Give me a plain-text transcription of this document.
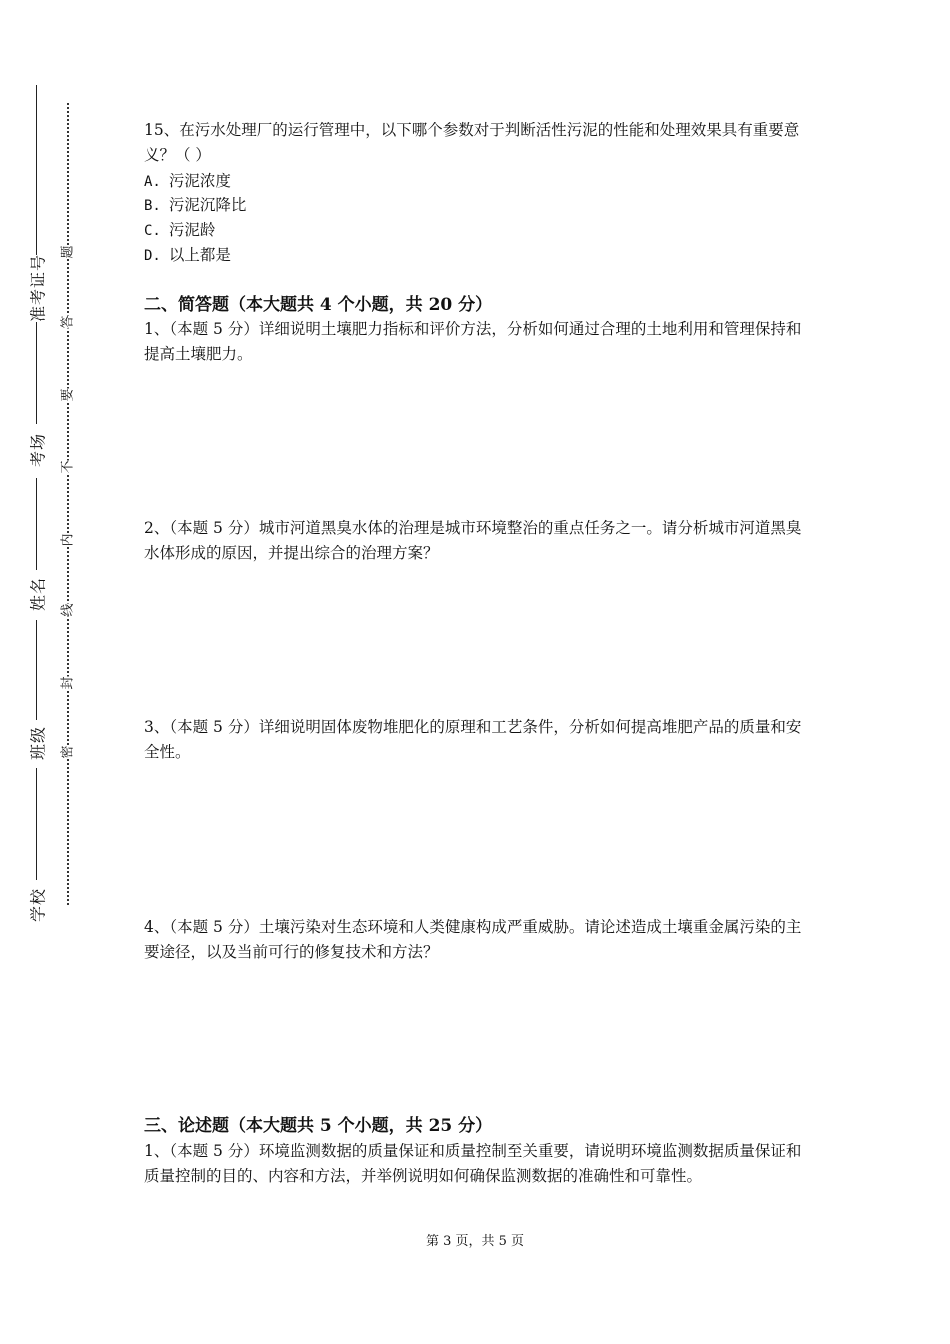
准考证号
考场
姓名
班级
学校
题
答
要
不
内
线
封
密
15、在污水处理厂的运行管理中，以下哪个参数对于判断活性污泥的性能和处理效果具有重要意义？（ ）
A. 污泥浓度
B. 污泥沉降比
C. 污泥龄
D. 以上都是
二、简答题（本大题共 4 个小题，共 20 分）
1、（本题 5 分）详细说明土壤肥力指标和评价方法，分析如何通过合理的土地利用和管理保持和提高土壤肥力。
2、（本题 5 分）城市河道黑臭水体的治理是城市环境整治的重点任务之一。请分析城市河道黑臭水体形成的原因，并提出综合的治理方案？
3、（本题 5 分）详细说明固体废物堆肥化的原理和工艺条件，分析如何提高堆肥产品的质量和安全性。
4、（本题 5 分）土壤污染对生态环境和人类健康构成严重威胁。请论述造成土壤重金属污染的主要途径，以及当前可行的修复技术和方法？
三、论述题（本大题共 5 个小题，共 25 分）
1、（本题 5 分）环境监测数据的质量保证和质量控制至关重要，请说明环境监测数据质量保证和质量控制的目的、内容和方法，并举例说明如何确保监测数据的准确性和可靠性。
第 3 页，共 5 页
